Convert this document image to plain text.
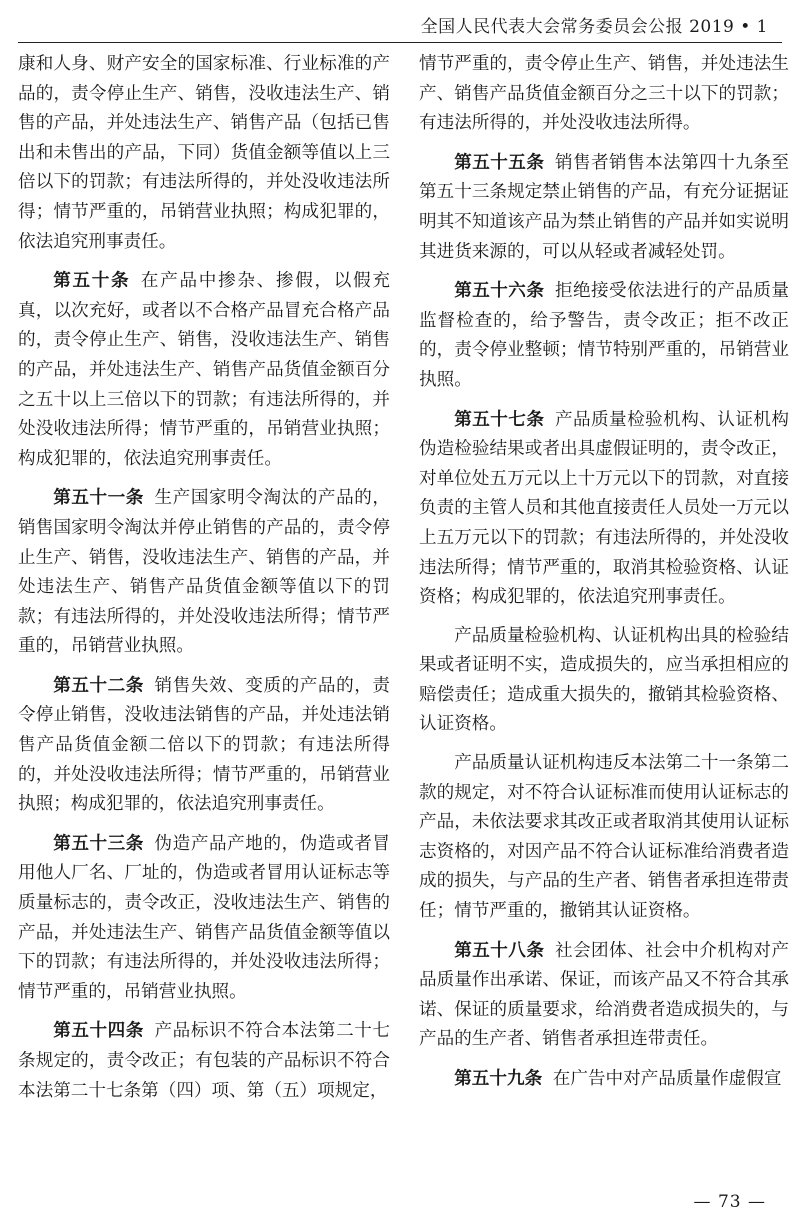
全国人民代表大会常务委员会公报 2019 • 1

康和人身、财产安全的国家标准、行业标准的产品的，责令停止生产、销售，没收违法生产、销售的产品，并处违法生产、销售产品（包括已售出和未售出的产品，下同）货值金额等值以上三倍以下的罚款；有违法所得的，并处没收违法所得；情节严重的，吊销营业执照；构成犯罪的，依法追究刑事责任。

第五十条 在产品中掺杂、掺假，以假充真，以次充好，或者以不合格产品冒充合格产品的，责令停止生产、销售，没收违法生产、销售的产品，并处违法生产、销售产品货值金额百分之五十以上三倍以下的罚款；有违法所得的，并处没收违法所得；情节严重的，吊销营业执照；构成犯罪的，依法追究刑事责任。

第五十一条 生产国家明令淘汰的产品的，销售国家明令淘汰并停止销售的产品的，责令停止生产、销售，没收违法生产、销售的产品，并处违法生产、销售产品货值金额等值以下的罚款；有违法所得的，并处没收违法所得；情节严重的，吊销营业执照。

第五十二条 销售失效、变质的产品的，责令停止销售，没收违法销售的产品，并处违法销售产品货值金额二倍以下的罚款；有违法所得的，并处没收违法所得；情节严重的，吊销营业执照；构成犯罪的，依法追究刑事责任。

第五十三条 伪造产品产地的，伪造或者冒用他人厂名、厂址的，伪造或者冒用认证标志等质量标志的，责令改正，没收违法生产、销售的产品，并处违法生产、销售产品货值金额等值以下的罚款；有违法所得的，并处没收违法所得；情节严重的，吊销营业执照。

第五十四条 产品标识不符合本法第二十七条规定的，责令改正；有包装的产品标识不符合本法第二十七条第（四）项、第（五）项规定，

情节严重的，责令停止生产、销售，并处违法生产、销售产品货值金额百分之三十以下的罚款；有违法所得的，并处没收违法所得。

第五十五条 销售者销售本法第四十九条至第五十三条规定禁止销售的产品，有充分证据证明其不知道该产品为禁止销售的产品并如实说明其进货来源的，可以从轻或者减轻处罚。

第五十六条 拒绝接受依法进行的产品质量监督检查的，给予警告，责令改正；拒不改正的，责令停业整顿；情节特别严重的，吊销营业执照。

第五十七条 产品质量检验机构、认证机构伪造检验结果或者出具虚假证明的，责令改正，对单位处五万元以上十万元以下的罚款，对直接负责的主管人员和其他直接责任人员处一万元以上五万元以下的罚款；有违法所得的，并处没收违法所得；情节严重的，取消其检验资格、认证资格；构成犯罪的，依法追究刑事责任。

产品质量检验机构、认证机构出具的检验结果或者证明不实，造成损失的，应当承担相应的赔偿责任；造成重大损失的，撤销其检验资格、认证资格。

产品质量认证机构违反本法第二十一条第二款的规定，对不符合认证标准而使用认证标志的产品，未依法要求其改正或者取消其使用认证标志资格的，对因产品不符合认证标准给消费者造成的损失，与产品的生产者、销售者承担连带责任；情节严重的，撤销其认证资格。

第五十八条 社会团体、社会中介机构对产品质量作出承诺、保证，而该产品又不符合其承诺、保证的质量要求，给消费者造成损失的，与产品的生产者、销售者承担连带责任。

第五十九条 在广告中对产品质量作虚假宣

— 73 —
